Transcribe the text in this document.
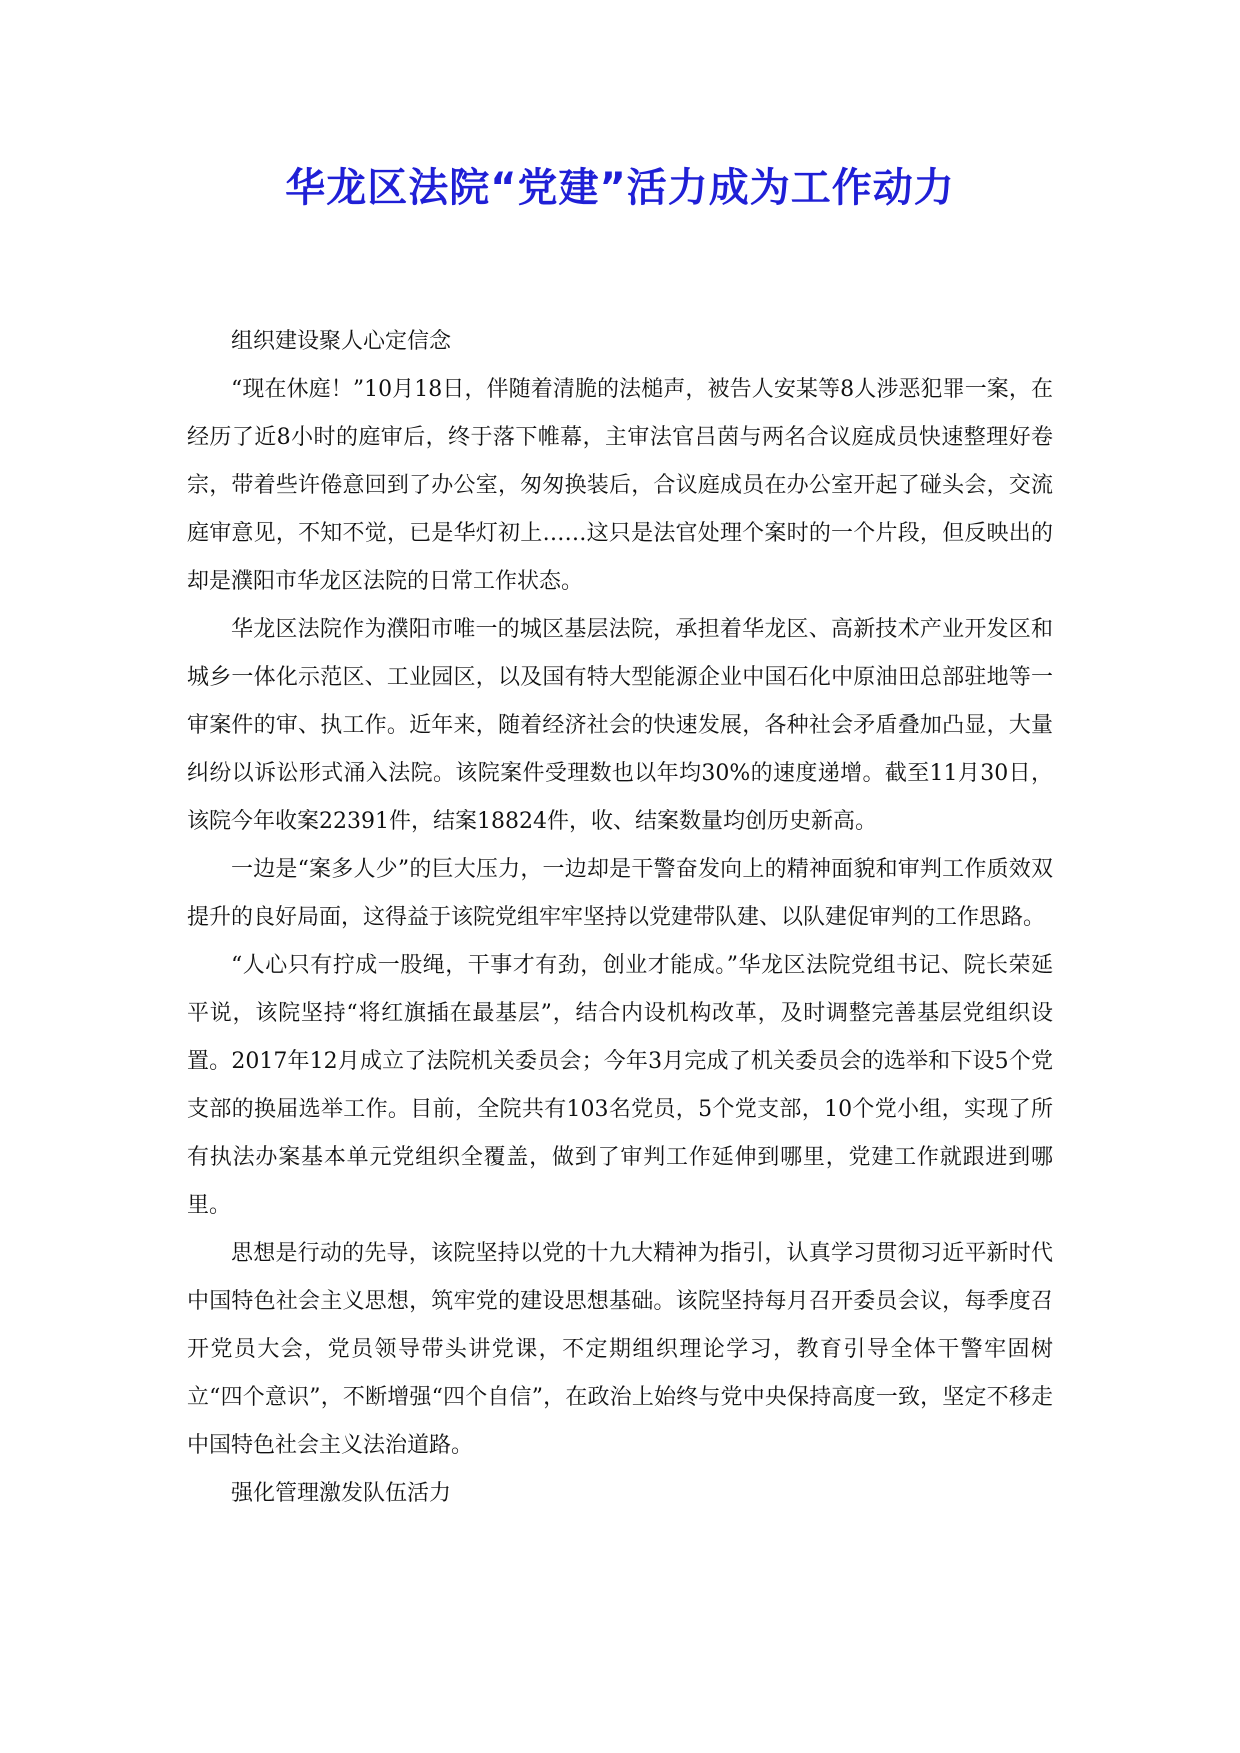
华龙区法院“党建”活力成为工作动力

组织建设聚人心定信念

“现在休庭！”10月18日，伴随着清脆的法槌声，被告人安某等8人涉恶犯罪一案，在经历了近8小时的庭审后，终于落下帷幕，主审法官吕茵与两名合议庭成员快速整理好卷宗，带着些许倦意回到了办公室，匆匆换装后，合议庭成员在办公室开起了碰头会，交流庭审意见，不知不觉，已是华灯初上……这只是法官处理个案时的一个片段，但反映出的却是濮阳市华龙区法院的日常工作状态。

华龙区法院作为濮阳市唯一的城区基层法院，承担着华龙区、高新技术产业开发区和城乡一体化示范区、工业园区，以及国有特大型能源企业中国石化中原油田总部驻地等一审案件的审、执工作。近年来，随着经济社会的快速发展，各种社会矛盾叠加凸显，大量纠纷以诉讼形式涌入法院。该院案件受理数也以年均30%的速度递增。截至11月30日，该院今年收案22391件，结案18824件，收、结案数量均创历史新高。

一边是“案多人少”的巨大压力，一边却是干警奋发向上的精神面貌和审判工作质效双提升的良好局面，这得益于该院党组牢牢坚持以党建带队建、以队建促审判的工作思路。

“人心只有拧成一股绳，干事才有劲，创业才能成。”华龙区法院党组书记、院长荣延平说，该院坚持“将红旗插在最基层”，结合内设机构改革，及时调整完善基层党组织设置。2017年12月成立了法院机关委员会；今年3月完成了机关委员会的选举和下设5个党支部的换届选举工作。目前，全院共有103名党员，5个党支部，10个党小组，实现了所有执法办案基本单元党组织全覆盖，做到了审判工作延伸到哪里，党建工作就跟进到哪里。

思想是行动的先导，该院坚持以党的十九大精神为指引，认真学习贯彻习近平新时代中国特色社会主义思想，筑牢党的建设思想基础。该院坚持每月召开委员会议，每季度召开党员大会，党员领导带头讲党课，不定期组织理论学习，教育引导全体干警牢固树立“四个意识”，不断增强“四个自信”，在政治上始终与党中央保持高度一致，坚定不移走中国特色社会主义法治道路。

强化管理激发队伍活力
